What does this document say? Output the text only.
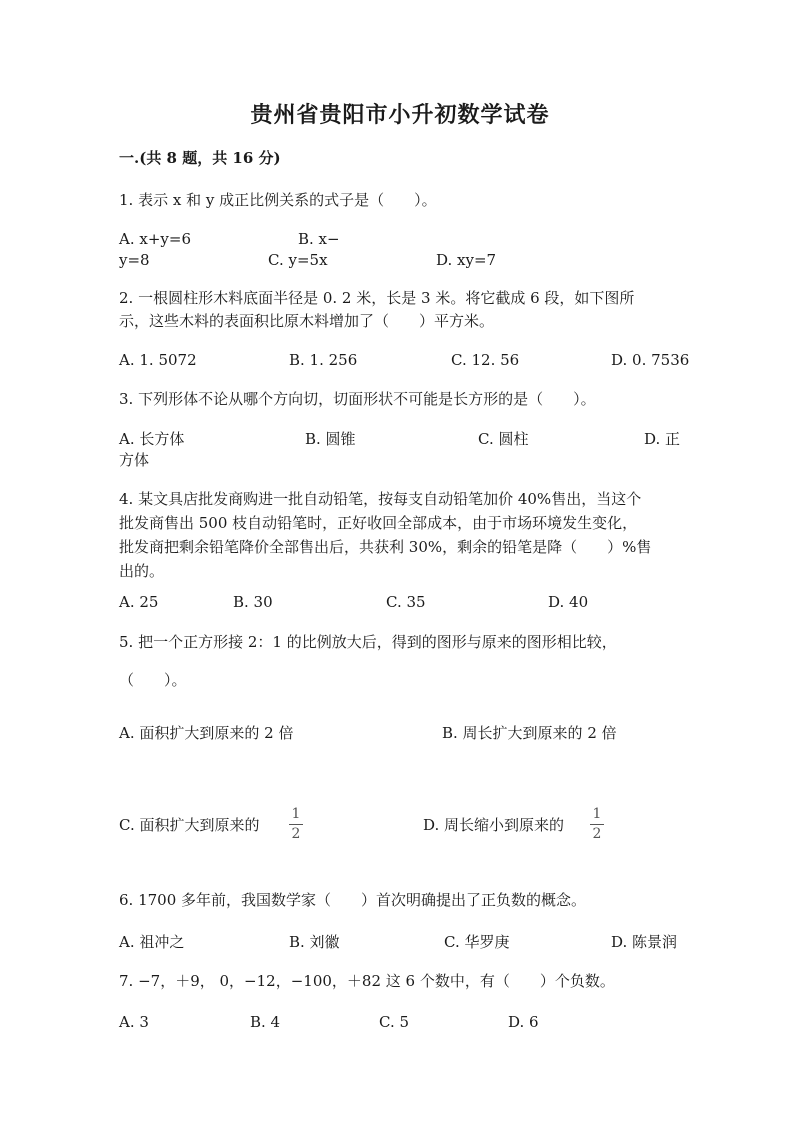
贵州省贵阳市小升初数学试卷
一.(共 8 题，共 16 分)
1. 表示 x 和 y 成正比例关系的式子是（　　）。
A. x+y=6	B. x−
y=8	C. y=5x	D. xy=7
2. 一根圆柱形木料底面半径是 0. 2 米，长是 3 米。将它截成 6 段，如下图所
示，这些木料的表面积比原木料增加了（　　）平方米。
A. 1. 5072	B. 1. 256	C. 12. 56	D. 0. 7536
3. 下列形体不论从哪个方向切，切面形状不可能是长方形的是（　　）。
A. 长方体	B. 圆锥	C. 圆柱	D. 正
方体
4. 某文具店批发商购进一批自动铅笔，按每支自动铅笔加价 40%售出，当这个
批发商售出 500 枝自动铅笔时，正好收回全部成本，由于市场环境发生变化，
批发商把剩余铅笔降价全部售出后，共获利 30%，剩余的铅笔是降（　　）%售
出的。
A. 25	B. 30	C. 35	D. 40
5. 把一个正方形接 2：1 的比例放大后，得到的图形与原来的图形相比较，
（　　）。
A. 面积扩大到原来的 2 倍	B. 周长扩大到原来的 2 倍
C. 面积扩大到原来的
1
2	D. 周长缩小到原来的
1
2
6. 1700 多年前，我国数学家（　　）首次明确提出了正负数的概念。
A. 祖冲之	B. 刘徽	C. 华罗庚	D. 陈景润
7. −7，＋9， 0，−12，−100，＋82 这 6 个数中，有（　　）个负数。
A. 3	B. 4	C. 5	D. 6
